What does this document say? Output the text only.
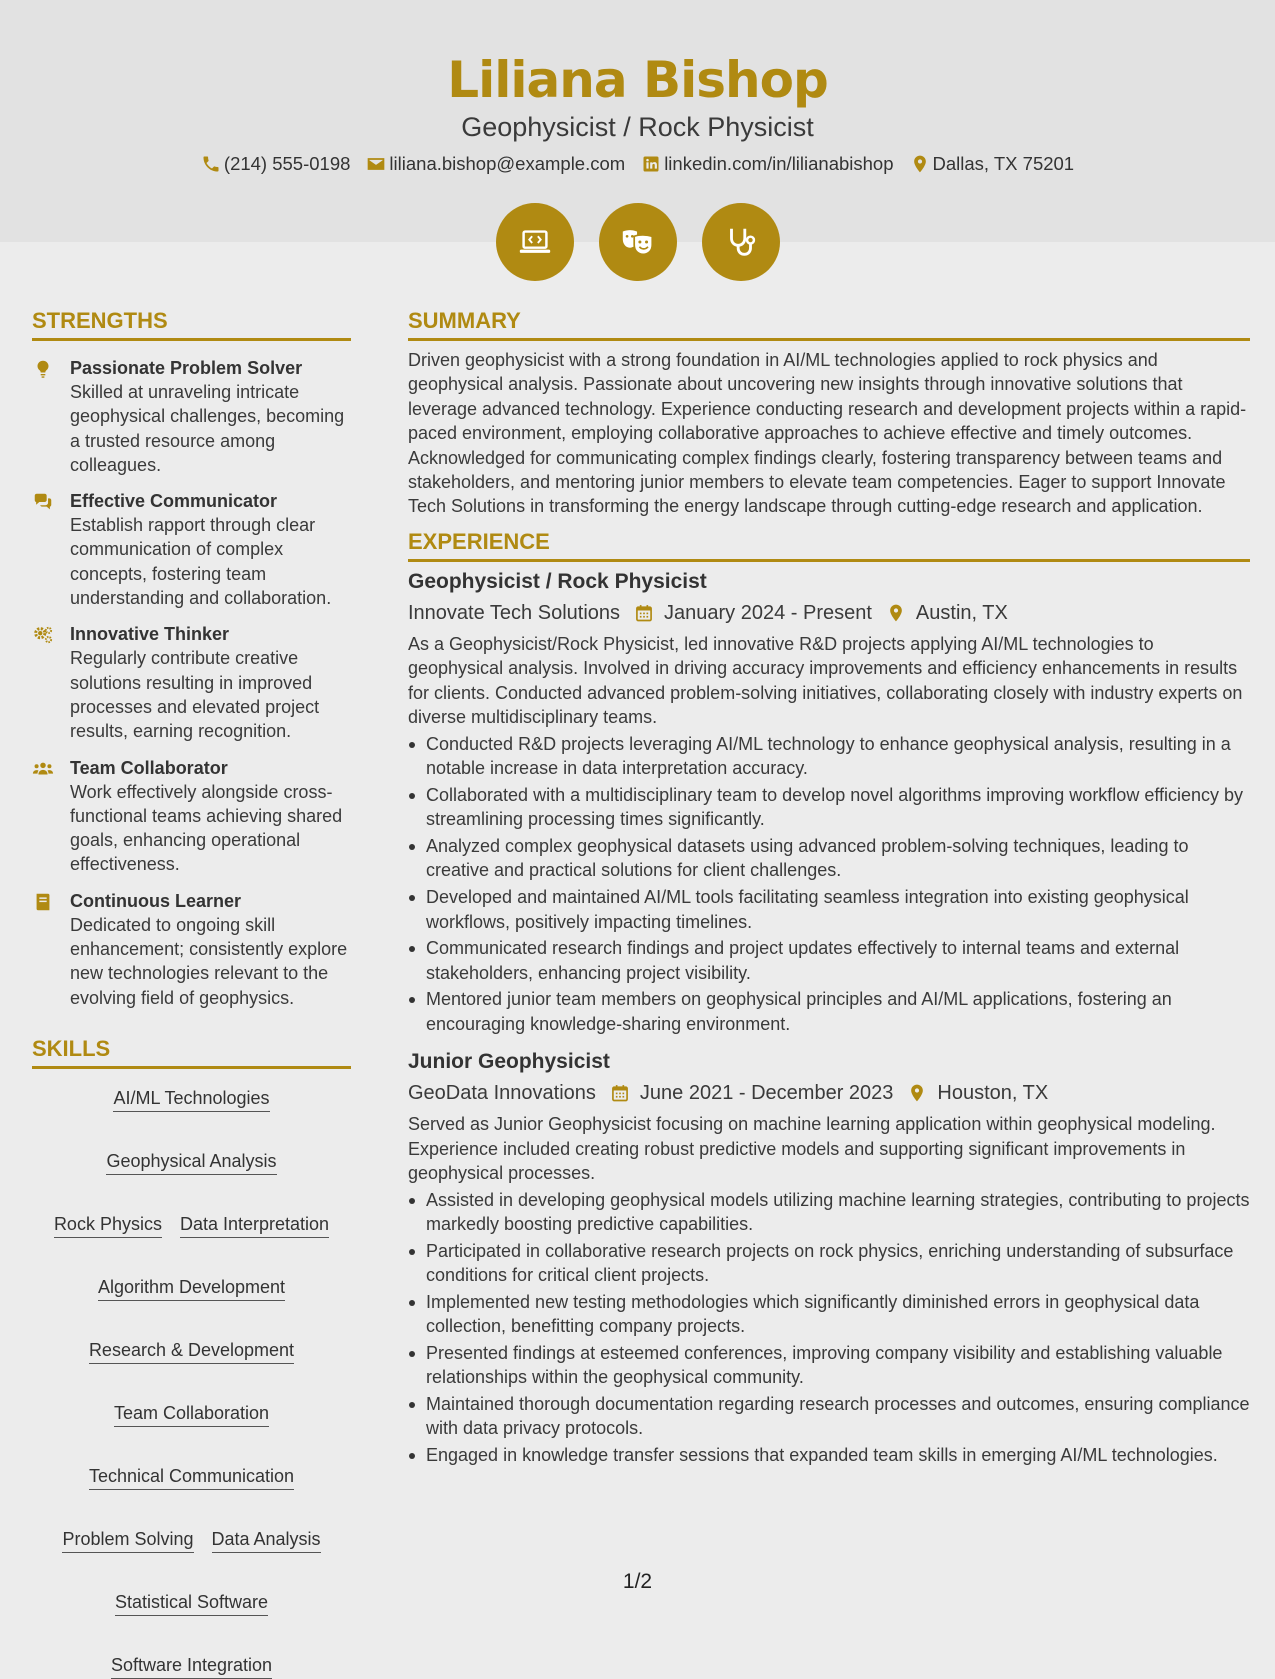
Liliana Bishop
Geophysicist / Rock Physicist
(214) 555-0198 liliana.bishop@example.com linkedin.com/in/lilianabishop Dallas, TX 75201
STRENGTHS
Passionate Problem Solver
Skilled at unraveling intricate geophysical challenges, becoming a trusted resource among colleagues.
Effective Communicator
Establish rapport through clear communication of complex concepts, fostering team understanding and collaboration.
Innovative Thinker
Regularly contribute creative solutions resulting in improved processes and elevated project results, earning recognition.
Team Collaborator
Work effectively alongside cross-functional teams achieving shared goals, enhancing operational effectiveness.
Continuous Learner
Dedicated to ongoing skill enhancement; consistently explore new technologies relevant to the evolving field of geophysics.
SKILLS
AI/ML Technologies
Geophysical Analysis
Rock Physics Data Interpretation
Algorithm Development
Research & Development
Team Collaboration
Technical Communication
Problem Solving Data Analysis
Statistical Software
Software Integration
SUMMARY
Driven geophysicist with a strong foundation in AI/ML technologies applied to rock physics and geophysical analysis. Passionate about uncovering new insights through innovative solutions that leverage advanced technology. Experience conducting research and development projects within a rapid-paced environment, employing collaborative approaches to achieve effective and timely outcomes. Acknowledged for communicating complex findings clearly, fostering transparency between teams and stakeholders, and mentoring junior members to elevate team competencies. Eager to support Innovate Tech Solutions in transforming the energy landscape through cutting-edge research and application.
EXPERIENCE
Geophysicist / Rock Physicist
Innovate Tech Solutions January 2024 - Present Austin, TX
As a Geophysicist/Rock Physicist, led innovative R&D projects applying AI/ML technologies to geophysical analysis. Involved in driving accuracy improvements and efficiency enhancements in results for clients. Conducted advanced problem-solving initiatives, collaborating closely with industry experts on diverse multidisciplinary teams.
Conducted R&D projects leveraging AI/ML technology to enhance geophysical analysis, resulting in a notable increase in data interpretation accuracy.
Collaborated with a multidisciplinary team to develop novel algorithms improving workflow efficiency by streamlining processing times significantly.
Analyzed complex geophysical datasets using advanced problem-solving techniques, leading to creative and practical solutions for client challenges.
Developed and maintained AI/ML tools facilitating seamless integration into existing geophysical workflows, positively impacting timelines.
Communicated research findings and project updates effectively to internal teams and external stakeholders, enhancing project visibility.
Mentored junior team members on geophysical principles and AI/ML applications, fostering an encouraging knowledge-sharing environment.
Junior Geophysicist
GeoData Innovations June 2021 - December 2023 Houston, TX
Served as Junior Geophysicist focusing on machine learning application within geophysical modeling. Experience included creating robust predictive models and supporting significant improvements in geophysical processes.
Assisted in developing geophysical models utilizing machine learning strategies, contributing to projects markedly boosting predictive capabilities.
Participated in collaborative research projects on rock physics, enriching understanding of subsurface conditions for critical client projects.
Implemented new testing methodologies which significantly diminished errors in geophysical data collection, benefitting company projects.
Presented findings at esteemed conferences, improving company visibility and establishing valuable relationships within the geophysical community.
Maintained thorough documentation regarding research processes and outcomes, ensuring compliance with data privacy protocols.
Engaged in knowledge transfer sessions that expanded team skills in emerging AI/ML technologies.
1/2
